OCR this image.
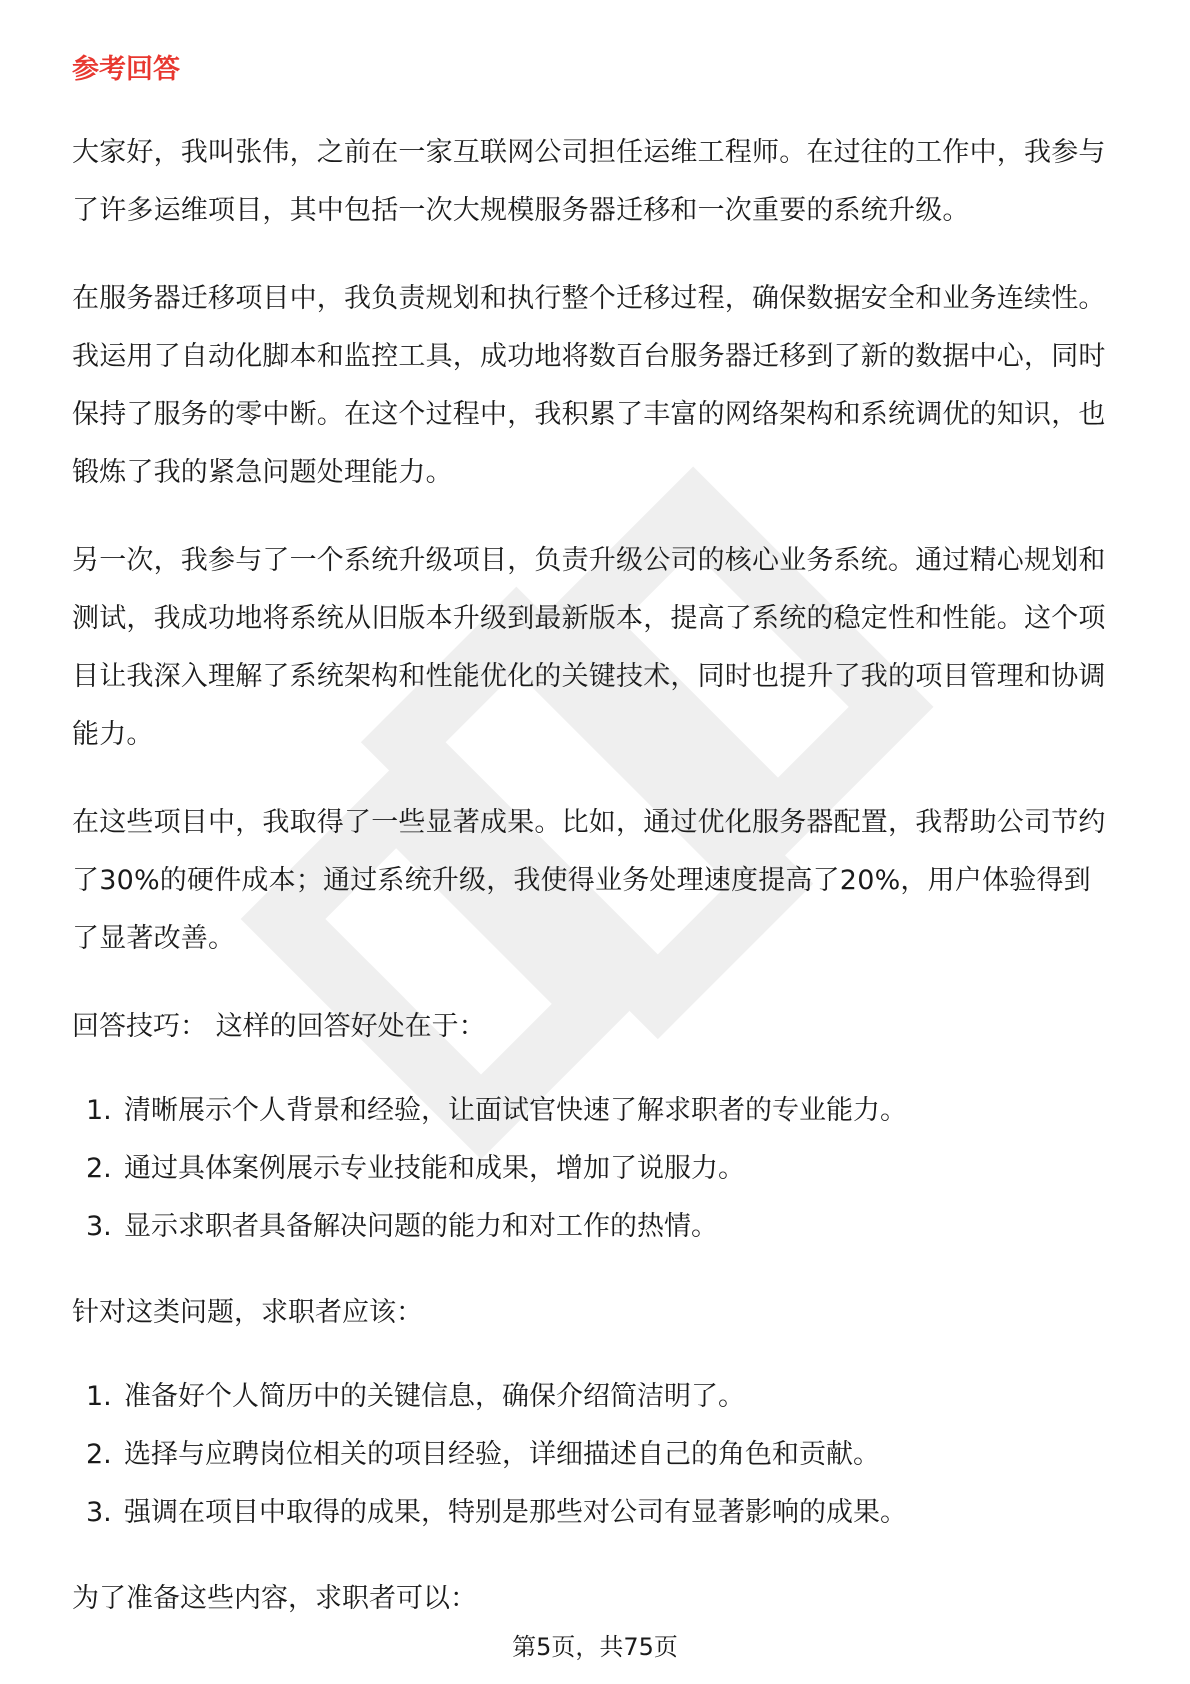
参考回答

大家好，我叫张伟，之前在一家互联网公司担任运维工程师。在过往的工作中，我参与了许多运维项目，其中包括一次大规模服务器迁移和一次重要的系统升级。

在服务器迁移项目中，我负责规划和执行整个迁移过程，确保数据安全和业务连续性。我运用了自动化脚本和监控工具，成功地将数百台服务器迁移到了新的数据中心，同时保持了服务的零中断。在这个过程中，我积累了丰富的网络架构和系统调优的知识，也锻炼了我的紧急问题处理能力。

另一次，我参与了一个系统升级项目，负责升级公司的核心业务系统。通过精心规划和测试，我成功地将系统从旧版本升级到最新版本，提高了系统的稳定性和性能。这个项目让我深入理解了系统架构和性能优化的关键技术，同时也提升了我的项目管理和协调能力。

在这些项目中，我取得了一些显著成果。比如，通过优化服务器配置，我帮助公司节约了30%的硬件成本；通过系统升级，我使得业务处理速度提高了20%，用户体验得到了显著改善。

回答技巧： 这样的回答好处在于：

1. 清晰展示个人背景和经验，让面试官快速了解求职者的专业能力。
2. 通过具体案例展示专业技能和成果，增加了说服力。
3. 显示求职者具备解决问题的能力和对工作的热情。

针对这类问题，求职者应该：

1. 准备好个人简历中的关键信息，确保介绍简洁明了。
2. 选择与应聘岗位相关的项目经验，详细描述自己的角色和贡献。
3. 强调在项目中取得的成果，特别是那些对公司有显著影响的成果。

为了准备这些内容，求职者可以：

第5页，共75页
